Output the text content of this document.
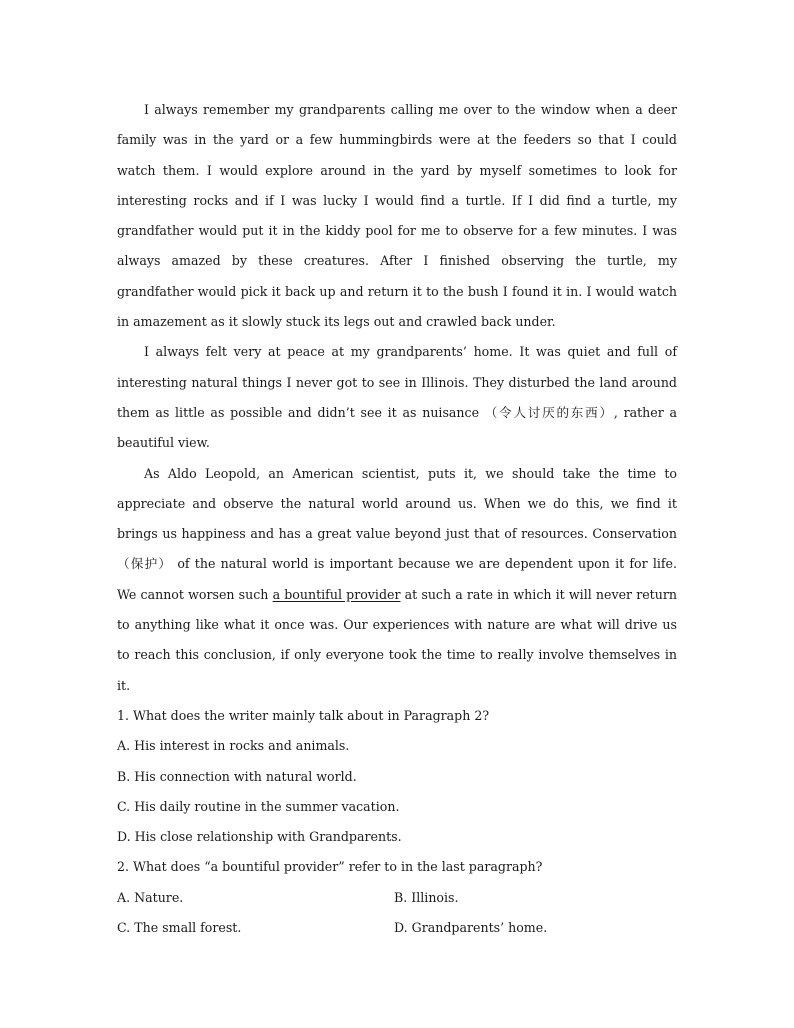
I always remember my grandparents calling me over to the window when a deer family was in the yard or a few hummingbirds were at the feeders so that I could watch them. I would explore around in the yard by myself sometimes to look for interesting rocks and if I was lucky I would find a turtle. If I did find a turtle, my grandfather would put it in the kiddy pool for me to observe for a few minutes. I was always amazed by these creatures. After I finished observing the turtle, my grandfather would pick it back up and return it to the bush I found it in. I would watch in amazement as it slowly stuck its legs out and crawled back under.

I always felt very at peace at my grandparents’ home. It was quiet and full of interesting natural things I never got to see in Illinois. They disturbed the land around them as little as possible and didn’t see it as nuisance （令人讨厌的东西）, rather a beautiful view.

As Aldo Leopold, an American scientist, puts it, we should take the time to appreciate and observe the natural world around us. When we do this, we find it brings us happiness and has a great value beyond just that of resources. Conservation（保护） of the natural world is important because we are dependent upon it for life. We cannot worsen such a bountiful provider at such a rate in which it will never return to anything like what it once was. Our experiences with nature are what will drive us to reach this conclusion, if only everyone took the time to really involve themselves in it.

1. What does the writer mainly talk about in Paragraph 2?

A. His interest in rocks and animals.

B. His connection with natural world.

C. His daily routine in the summer vacation.

D. His close relationship with Grandparents.

2. What does “a bountiful provider” refer to in the last paragraph?

A. Nature.	B. Illinois.
C. The small forest.	D. Grandparents’ home.
